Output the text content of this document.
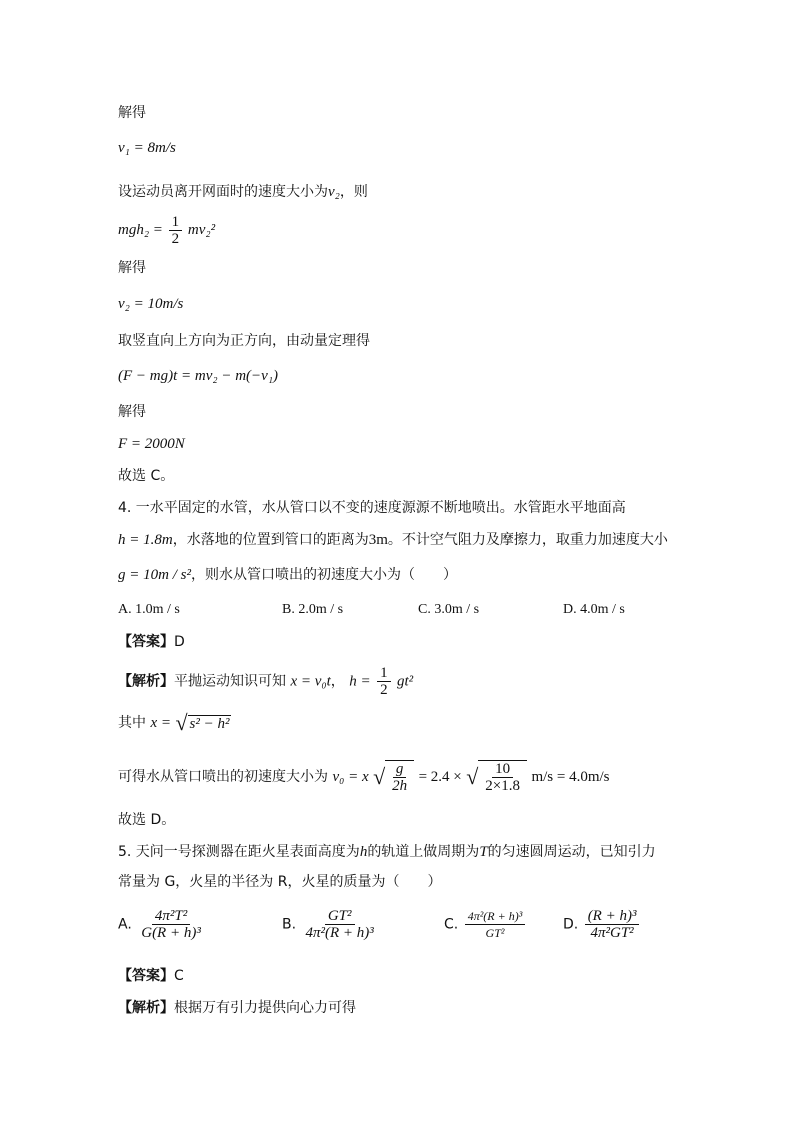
解得
v₁ = 8m/s
设运动员离开网面时的速度大小为v₂，则
$mgh_2 = \frac{1}{2} mv_2^2$
解得
v₂ = 10m/s
取竖直向上方向为正方向，由动量定理得
(F − mg)t = mv₂ − m(−v₁)
解得
F = 2000N
故选 C。
4. 一水平固定的水管，水从管口以不变的速度源源不断地喷出。水管距水平地面高
h = 1.8m，水落地的位置到管口的距离为3m。不计空气阻力及摩擦力，取重力加速度大小
g = 10m / s²，则水从管口喷出的初速度大小为（　　）
A. 1.0m / s	B. 2.0m / s	C. 3.0m / s	D. 4.0m / s
【答案】D
【解析】平抛运动知识可知 x = v₀t， $h = \frac{1}{2} gt^2$
其中 x = √ s² − h²
可得水从管口喷出的初速度大小为 v₀ = x √ $\frac{g}{2h} = 2.4$ × √ $\frac{10}{2\times 1.8} m/s = 4.0m/s$
故选 D。
5. 天问一号探测器在距火星表面高度为h的轨道上做周期为T的匀速圆周运动，已知引力
常量为 G，火星的半径为 R，火星的质量为（　　）
A. $\frac{\text{4π²T²}}{\text{G(R + h)³}}$	B. $\frac{\text{GT²}}{\text{4π²(R + h)³}}$	C. $\frac{\text{4π²(R + h)³}}{\text{GT²}}$	D. $\frac{\text{(R + h)³}}{\text{4π²GT²}}$
【答案】C
【解析】根据万有引力提供向心力可得
